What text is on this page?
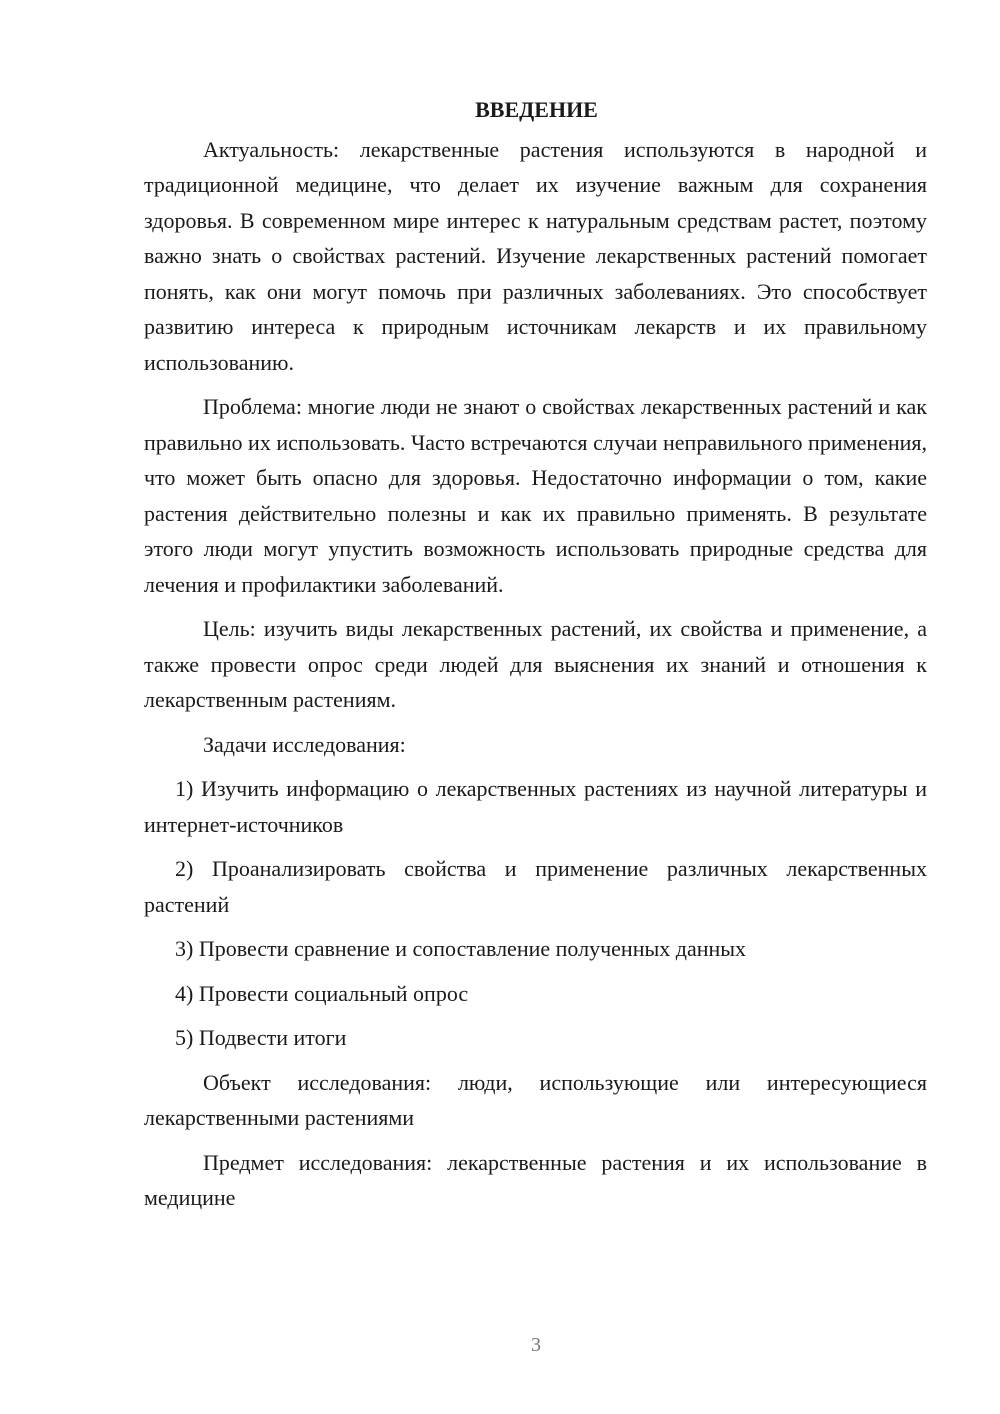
ВВЕДЕНИЕ

Актуальность: лекарственные растения используются в народной и традиционной медицине, что делает их изучение важным для сохранения здоровья. В современном мире интерес к натуральным средствам растет, поэтому важно знать о свойствах растений. Изучение лекарственных растений помогает понять, как они могут помочь при различных заболеваниях. Это способствует развитию интереса к природным источникам лекарств и их правильному использованию.

Проблема: многие люди не знают о свойствах лекарственных растений и как правильно их использовать. Часто встречаются случаи неправильного применения, что может быть опасно для здоровья. Недостаточно информации о том, какие растения действительно полезны и как их правильно применять. В результате этого люди могут упустить возможность использовать природные средства для лечения и профилактики заболеваний.

Цель: изучить виды лекарственных растений, их свойства и применение, а также провести опрос среди людей для выяснения их знаний и отношения к лекарственным растениям.

Задачи исследования:

1) Изучить информацию о лекарственных растениях из научной литературы и интернет-источников

2) Проанализировать свойства и применение различных лекарственных растений

3) Провести сравнение и сопоставление полученных данных

4) Провести социальный опрос

5) Подвести итоги

Объект исследования: люди, использующие или интересующиеся лекарственными растениями

Предмет исследования: лекарственные растения и их использование в медицине

3
